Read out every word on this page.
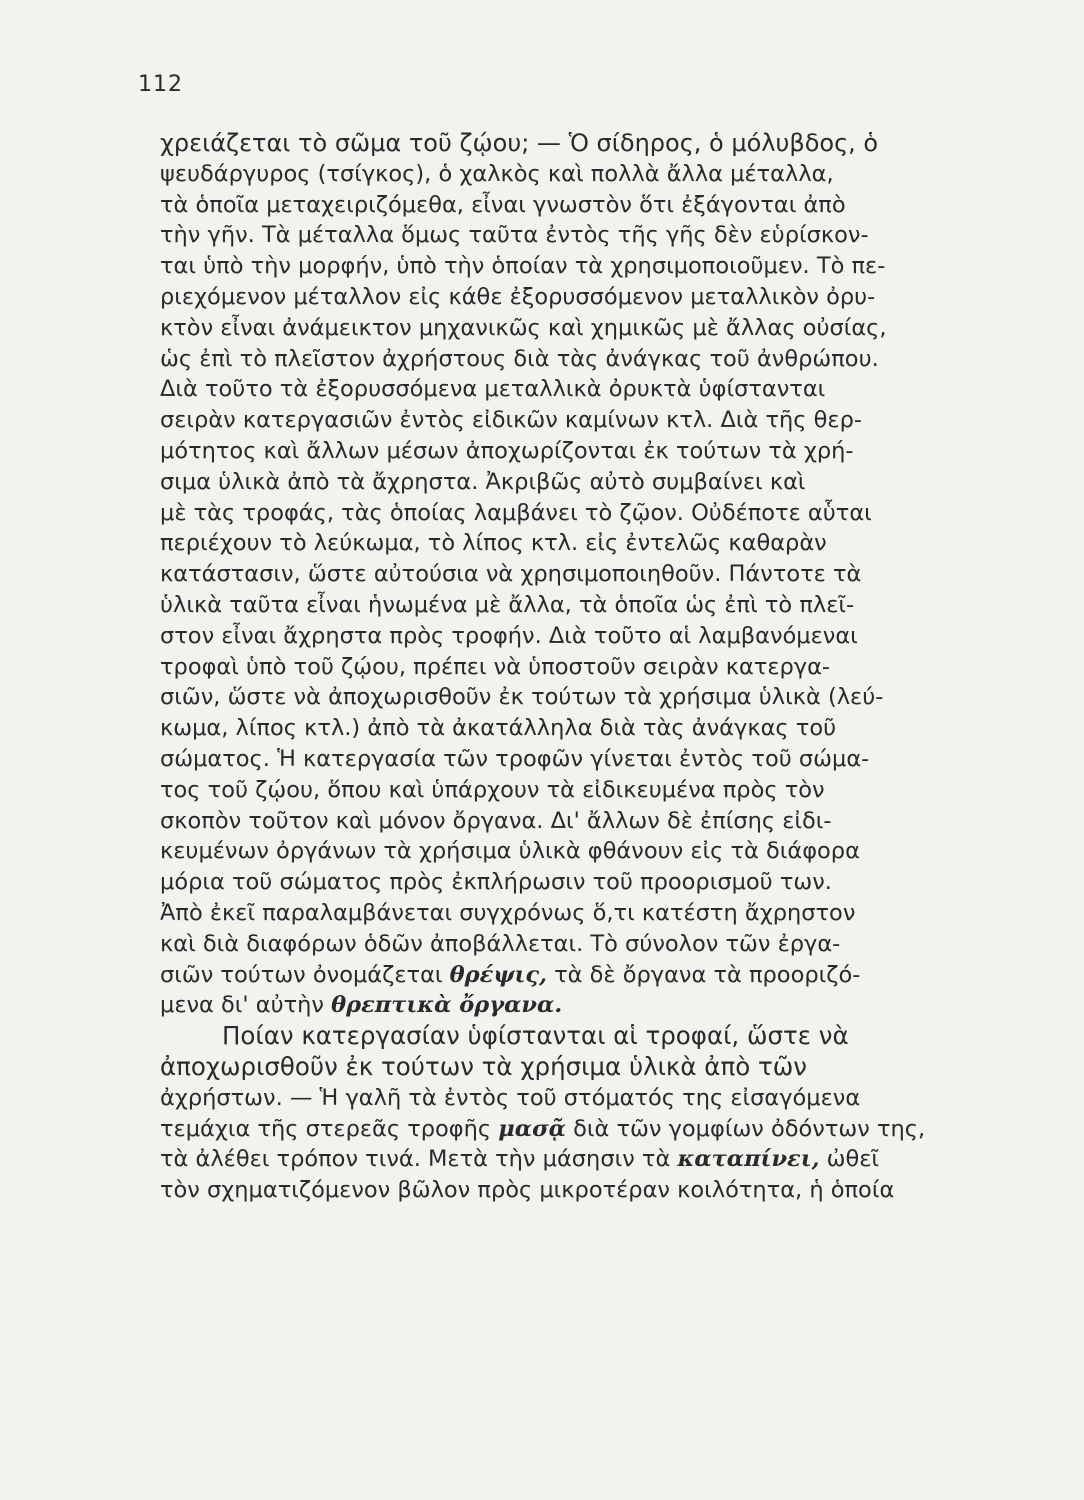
112
χρειάζεται τὸ σῶμα τοῦ ζῴου; — Ὁ σίδηρος, ὁ μόλυβδος, ὁ
ψευδάργυρος (τσίγκος), ὁ χαλκὸς καὶ πολλὰ ἄλλα μέταλλα,
τὰ ὁποῖα μεταχειριζόμεθα, εἶναι γνωστὸν ὅτι ἐξάγονται ἀπὸ
τὴν γῆν. Τὰ μέταλλα ὅμως ταῦτα ἐντὸς τῆς γῆς δὲν εὑρίσκον-
ται ὑπὸ τὴν μορφήν, ὑπὸ τὴν ὁποίαν τὰ χρησιμοποιοῦμεν. Τὸ πε-
ριεχόμενον μέταλλον εἰς κάθε ἐξορυσσόμενον μεταλλικὸν ὀρυ-
κτὸν εἶναι ἀνάμεικτον μηχανικῶς καὶ χημικῶς μὲ ἄλλας οὐσίας,
ὡς ἐπὶ τὸ πλεῖστον ἀχρήστους διὰ τὰς ἀνάγκας τοῦ ἀνθρώπου.
Διὰ τοῦτο τὰ ἐξορυσσόμενα μεταλλικὰ ὀρυκτὰ ὑφίστανται
σειρὰν κατεργασιῶν ἐντὸς εἰδικῶν καμίνων κτλ. Διὰ τῆς θερ-
μότητος καὶ ἄλλων μέσων ἀποχωρίζονται ἐκ τούτων τὰ χρή-
σιμα ὑλικὰ ἀπὸ τὰ ἄχρηστα. Ἀκριβῶς αὐτὸ συμβαίνει καὶ
μὲ τὰς τροφάς, τὰς ὁποίας λαμβάνει τὸ ζῷον. Οὐδέποτε αὗται
περιέχουν τὸ λεύκωμα, τὸ λίπος κτλ. εἰς ἐντελῶς καθαρὰν
κατάστασιν, ὥστε αὐτούσια νὰ χρησιμοποιηθοῦν. Πάντοτε τὰ
ὑλικὰ ταῦτα εἶναι ἡνωμένα μὲ ἄλλα, τὰ ὁποῖα ὡς ἐπὶ τὸ πλεῖ-
στον εἶναι ἄχρηστα πρὸς τροφήν. Διὰ τοῦτο αἱ λαμβανόμεναι
τροφαὶ ὑπὸ τοῦ ζῴου, πρέπει νὰ ὑποστοῦν σειρὰν κατεργα-
σιῶν, ὥστε νὰ ἀποχωρισθοῦν ἐκ τούτων τὰ χρήσιμα ὑλικὰ (λεύ-
κωμα, λίπος κτλ.) ἀπὸ τὰ ἀκατάλληλα διὰ τὰς ἀνάγκας τοῦ
σώματος. Ἡ κατεργασία τῶν τροφῶν γίνεται ἐντὸς τοῦ σώμα-
τος τοῦ ζῴου, ὅπου καὶ ὑπάρχουν τὰ εἰδικευμένα πρὸς τὸν
σκοπὸν τοῦτον καὶ μόνον ὄργανα. Δι' ἄλλων δὲ ἐπίσης εἰδι-
κευμένων ὀργάνων τὰ χρήσιμα ὑλικὰ φθάνουν εἰς τὰ διάφορα
μόρια τοῦ σώματος πρὸς ἐκπλήρωσιν τοῦ προορισμοῦ των.
Ἀπὸ ἐκεῖ παραλαμβάνεται συγχρόνως ὅ,τι κατέστη ἄχρηστον
καὶ διὰ διαφόρων ὁδῶν ἀποβάλλεται. Τὸ σύνολον τῶν ἐργα-
σιῶν τούτων ὀνομάζεται θρέψις, τὰ δὲ ὄργανα τὰ προοριζό-
μενα δι' αὐτὴν θρεπτικὰ ὄργανα.
Ποίαν κατεργασίαν ὑφίστανται αἱ τροφαί, ὥστε νὰ
ἀποχωρισθοῦν ἐκ τούτων τὰ χρήσιμα ὑλικὰ ἀπὸ τῶν
ἀχρήστων. — Ἡ γαλῆ τὰ ἐντὸς τοῦ στόματός της εἰσαγόμενα
τεμάχια τῆς στερεᾶς τροφῆς μασᾷ διὰ τῶν γομφίων ὀδόντων της,
τὰ ἀλέθει τρόπον τινά. Μετὰ τὴν μάσησιν τὰ καταπίνει, ὠθεῖ
τὸν σχηματιζόμενον βῶλον πρὸς μικροτέραν κοιλότητα, ἡ ὁποία
